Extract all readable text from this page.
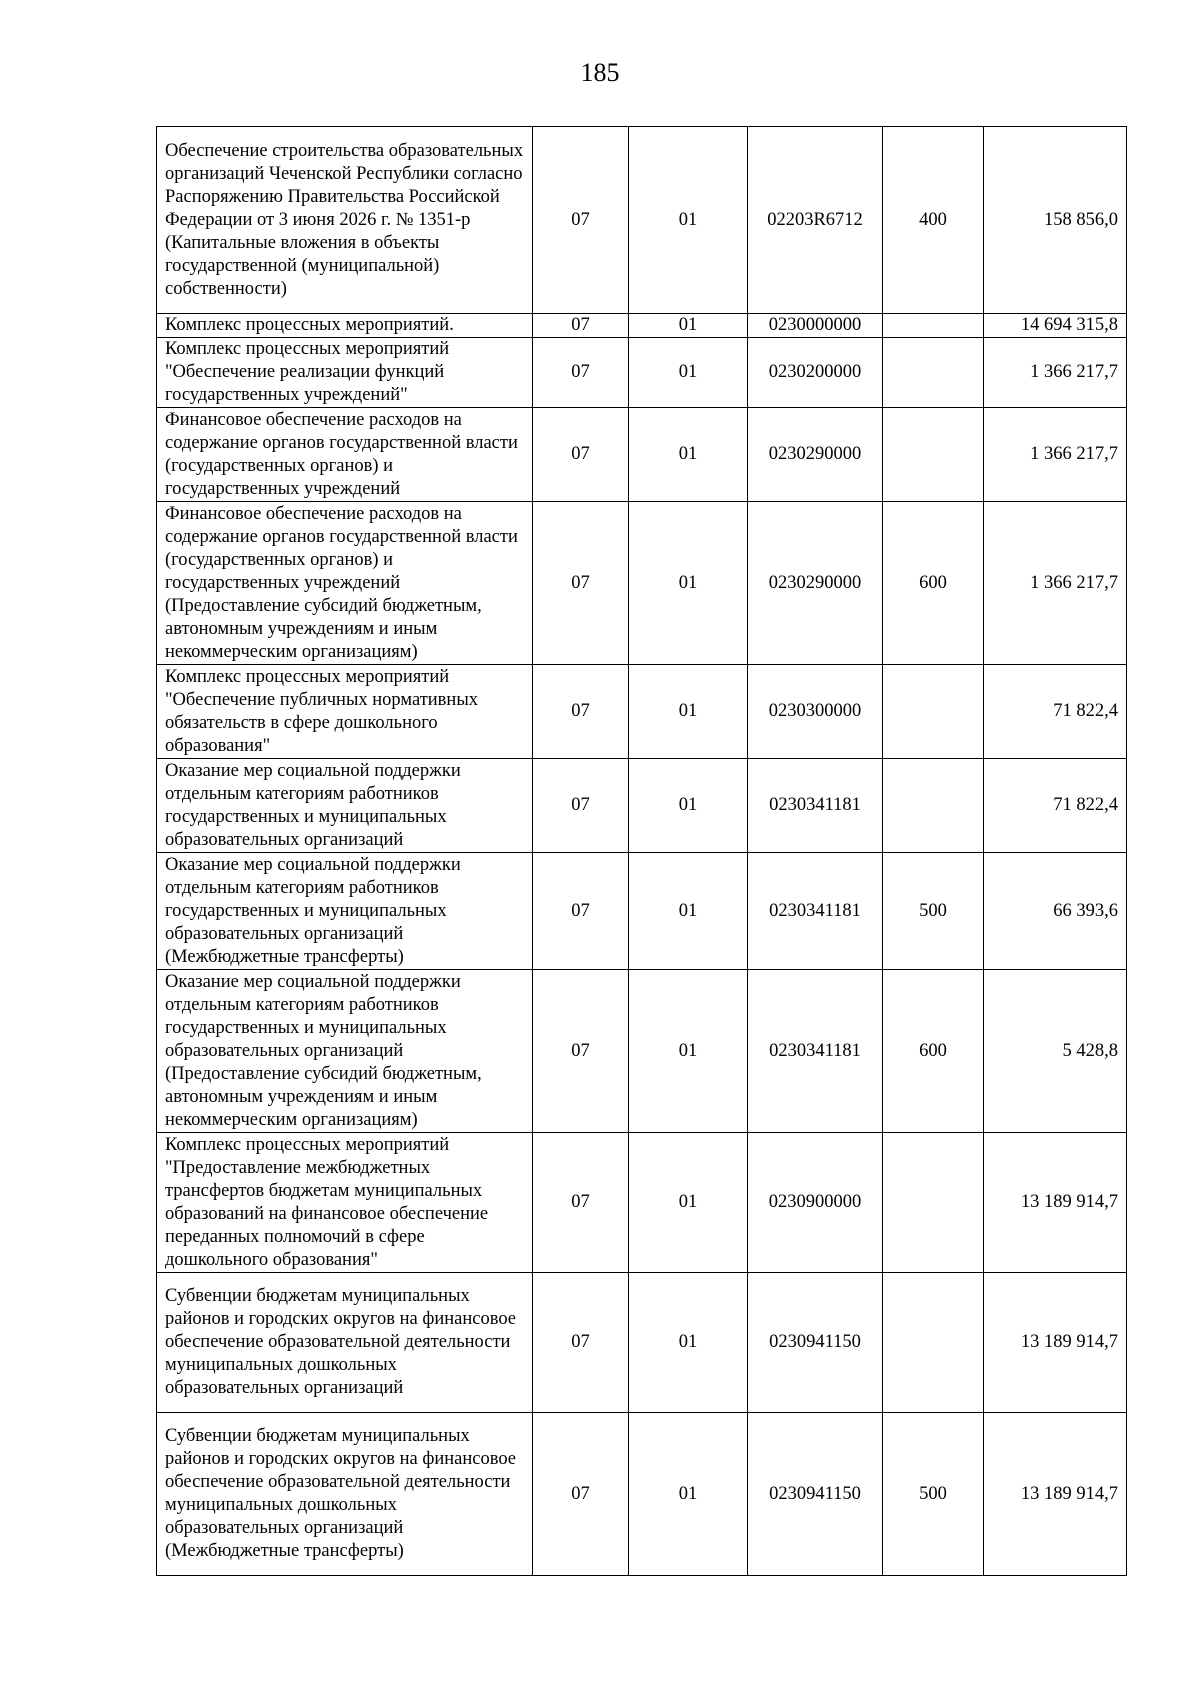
185
Обеспечение строительства образовательных организаций Чеченской Республики согласно Распоряжению Правительства Российской Федерации от 3 июня 2026 г. № 1351-р (Капитальные вложения в объекты государственной (муниципальной) собственности)	07	01	02203R6712	400	158 856,0
Комплекс процессных мероприятий.	07	01	0230000000		14 694 315,8
Комплекс процессных мероприятий "Обеспечение реализации функций государственных учреждений"	07	01	0230200000		1 366 217,7
Финансовое обеспечение расходов на содержание органов государственной власти (государственных органов) и государственных учреждений	07	01	0230290000		1 366 217,7
Финансовое обеспечение расходов на содержание органов государственной власти (государственных органов) и государственных учреждений (Предоставление субсидий бюджетным, автономным учреждениям и иным некоммерческим организациям)	07	01	0230290000	600	1 366 217,7
Комплекс процессных мероприятий "Обеспечение публичных нормативных обязательств в сфере дошкольного образования"	07	01	0230300000		71 822,4
Оказание мер социальной поддержки отдельным категориям работников государственных и муниципальных образовательных организаций	07	01	0230341181		71 822,4
Оказание мер социальной поддержки отдельным категориям работников государственных и муниципальных образовательных организаций (Межбюджетные трансферты)	07	01	0230341181	500	66 393,6
Оказание мер социальной поддержки отдельным категориям работников государственных и муниципальных образовательных организаций (Предоставление субсидий бюджетным, автономным учреждениям и иным некоммерческим организациям)	07	01	0230341181	600	5 428,8
Комплекс процессных мероприятий "Предоставление межбюджетных трансфертов бюджетам муниципальных образований на финансовое обеспечение переданных полномочий в сфере дошкольного образования"	07	01	0230900000		13 189 914,7
Субвенции бюджетам муниципальных районов и городских округов на финансовое обеспечение образовательной деятельности муниципальных дошкольных образовательных организаций	07	01	0230941150		13 189 914,7
Субвенции бюджетам муниципальных районов и городских округов на финансовое обеспечение образовательной деятельности муниципальных дошкольных образовательных организаций (Межбюджетные трансферты)	07	01	0230941150	500	13 189 914,7
